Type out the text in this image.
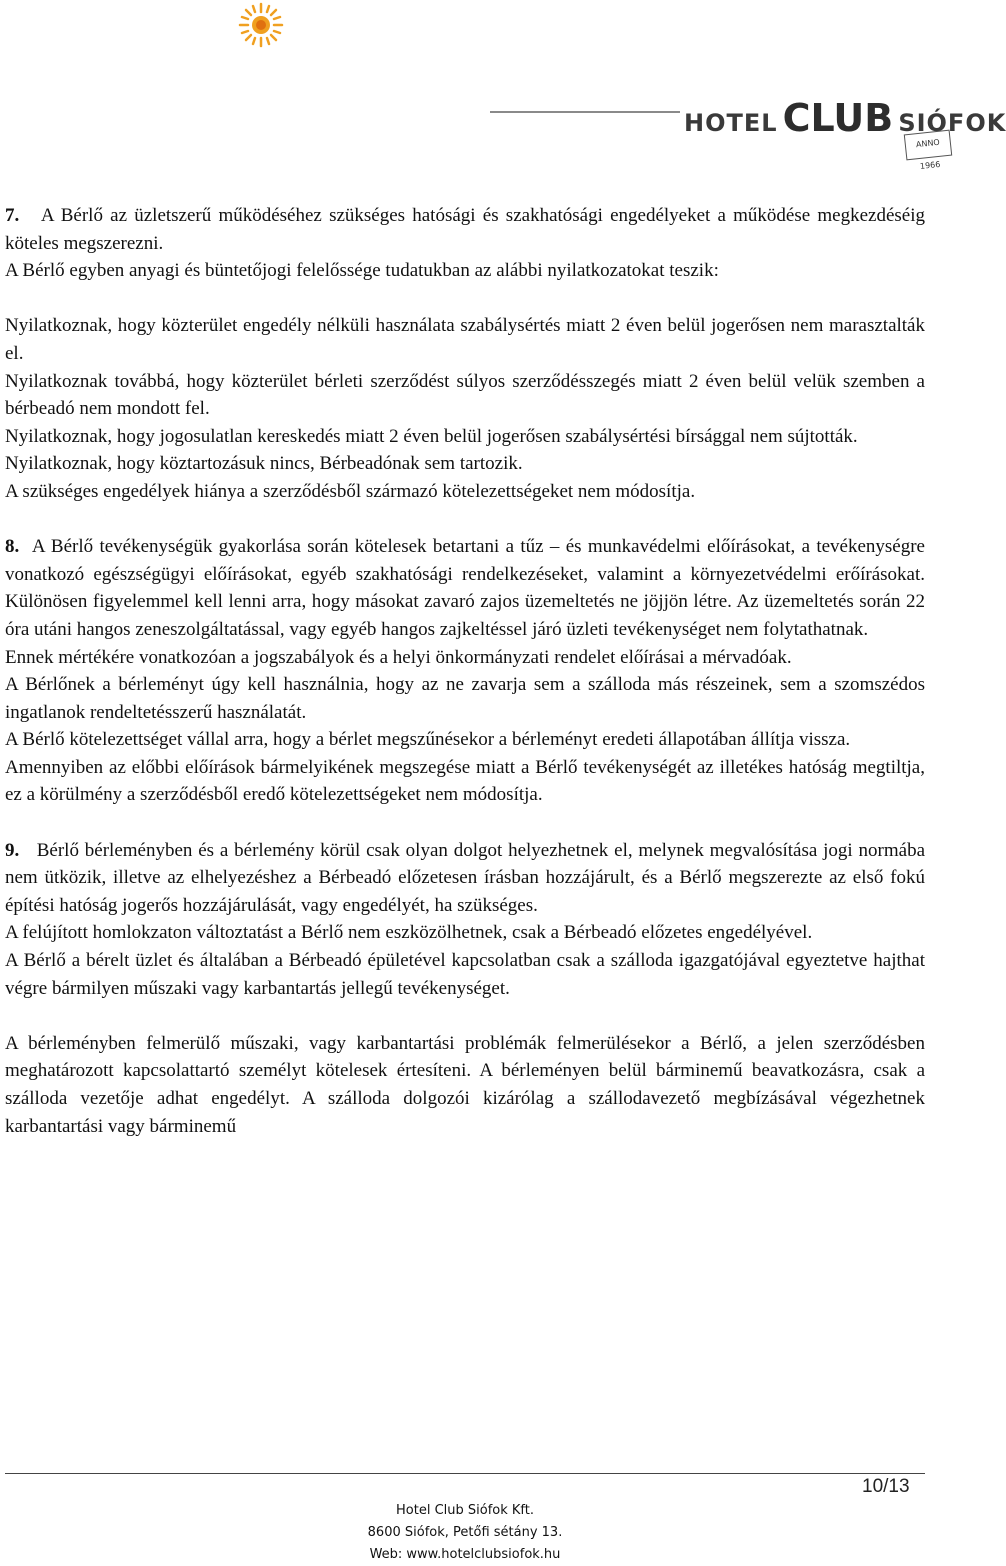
HOTEL CLUB SIÓFOK
ANNO 1966

7. A Bérlő az üzletszerű működéséhez szükséges hatósági és szakhatósági engedélyeket a működése megkezdéséig köteles megszerezni.

A Bérlő egyben anyagi és büntetőjogi felelőssége tudatukban az alábbi nyilatkozatokat teszik:

Nyilatkoznak, hogy közterület engedély nélküli használata szabálysértés miatt 2 éven belül jogerősen nem marasztalták el.

Nyilatkoznak továbbá, hogy közterület bérleti szerződést súlyos szerződésszegés miatt 2 éven belül velük szemben a bérbeadó nem mondott fel.

Nyilatkoznak, hogy jogosulatlan kereskedés miatt 2 éven belül jogerősen szabálysértési bírsággal nem sújtották.

Nyilatkoznak, hogy köztartozásuk nincs, Bérbeadónak sem tartozik.

A szükséges engedélyek hiánya a szerződésből származó kötelezettségeket nem módosítja.

8. A Bérlő tevékenységük gyakorlása során kötelesek betartani a tűz – és munkavédelmi előírásokat, a tevékenységre vonatkozó egészségügyi előírásokat, egyéb szakhatósági rendelkezéseket, valamint a környezetvédelmi erőírásokat. Különösen figyelemmel kell lenni arra, hogy másokat zavaró zajos üzemeltetés ne jöjjön létre. Az üzemeltetés során 22 óra utáni hangos zeneszolgáltatással, vagy egyéb hangos zajkeltéssel járó üzleti tevékenységet nem folytathatnak.

Ennek mértékére vonatkozóan a jogszabályok és a helyi önkormányzati rendelet előírásai a mérvadóak.

A Bérlőnek a bérleményt úgy kell használnia, hogy az ne zavarja sem a szálloda más részeinek, sem a szomszédos ingatlanok rendeltetésszerű használatát.

A Bérlő kötelezettséget vállal arra, hogy a bérlet megszűnésekor a bérleményt eredeti állapotában állítja vissza.

Amennyiben az előbbi előírások bármelyikének megszegése miatt a Bérlő tevékenységét az illetékes hatóság megtiltja, ez a körülmény a szerződésből eredő kötelezettségeket nem módosítja.

9. Bérlő bérleményben és a bérlemény körül csak olyan dolgot helyezhetnek el, melynek megvalósítása jogi normába nem ütközik, illetve az elhelyezéshez a Bérbeadó előzetesen írásban hozzájárult, és a Bérlő megszerezte az első fokú építési hatóság jogerős hozzájárulását, vagy engedélyét, ha szükséges.

A felújított homlokzaton változtatást a Bérlő nem eszközölhetnek, csak a Bérbeadó előzetes engedélyével.

A Bérlő a bérelt üzlet és általában a Bérbeadó épületével kapcsolatban csak a szálloda igazgatójával egyeztetve hajthat végre bármilyen műszaki vagy karbantartás jellegű tevékenységet.

A bérleményben felmerülő műszaki, vagy karbantartási problémák felmerülésekor a Bérlő, a jelen szerződésben meghatározott kapcsolattartó személyt kötelesek értesíteni. A bérleményen belül bárminemű beavatkozásra, csak a szálloda vezetője adhat engedélyt. A szálloda dolgozói kizárólag a szállodavezető megbízásával végezhetnek karbantartási vagy bárminemű

10/13
Hotel Club Siófok Kft.
8600 Siófok, Petőfi sétány 13.
Web: www.hotelclubsiofok.hu
